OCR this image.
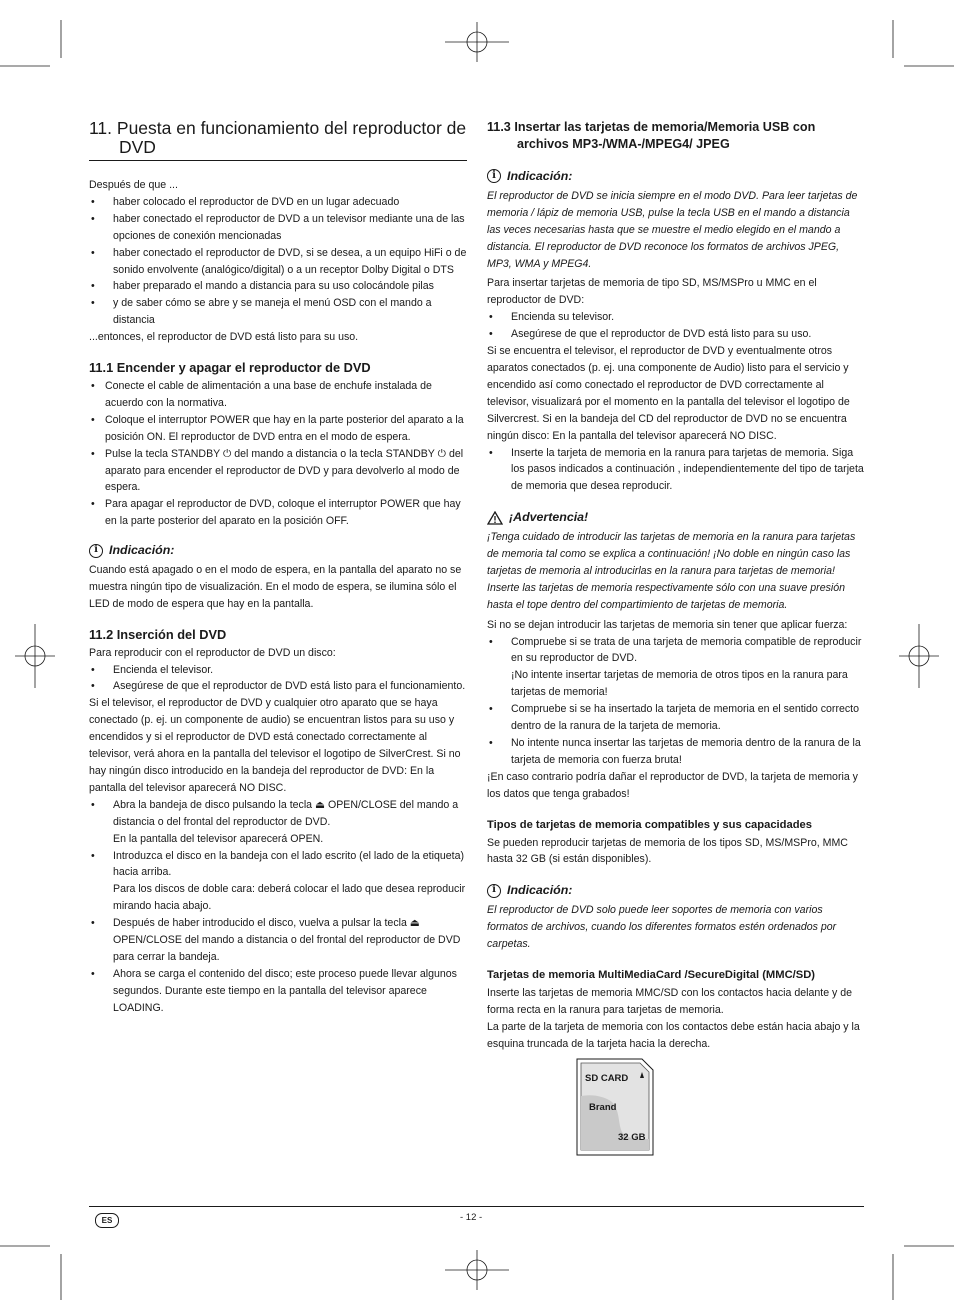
11. Puesta en funcionamiento del reproductor de DVD

Después de que ...

• haber colocado el reproductor de DVD en un lugar adecuado
• haber conectado el reproductor de DVD a un televisor mediante una de las opciones de conexión mencionadas
• haber conectado el reproductor de DVD, si se desea, a un equipo HiFi o de sonido envolvente (analógico/digital) o a un receptor Dolby Digital o DTS
• haber preparado el mando a distancia para su uso colocándole pilas
• y de saber cómo se abre y se maneja el menú OSD con el mando a distancia

...entonces, el reproductor de DVD está listo para su uso.

11.1 Encender y apagar el reproductor de DVD
• Conecte el cable de alimentación a una base de enchufe instalada de acuerdo con la normativa.
• Coloque el interruptor POWER que hay en la parte posterior del aparato a la posición ON. El reproductor de DVD entra en el modo de espera.
• Pulse la tecla STANDBY ⏻ del mando a distancia o la tecla STANDBY ⏻ del aparato para encender el reproductor de DVD y para devolverlo al modo de espera.
• Para apagar el reproductor de DVD, coloque el interruptor POWER que hay en la parte posterior del aparato en la posición OFF.
i Indicación:

Cuando está apagado o en el modo de espera, en la pantalla del aparato no se muestra ningún tipo de visualización. En el modo de espera, se ilumina sólo el LED de modo de espera que hay en la pantalla.

11.2 Inserción del DVD

Para reproducir con el reproductor de DVD un disco:

• Encienda el televisor.
• Asegúrese de que el reproductor de DVD está listo para el funcionamiento.

Si el televisor, el reproductor de DVD y cualquier otro aparato que se haya conectado (p. ej. un componente de audio) se encuentran listos para su uso y encendidos y si el reproductor de DVD está conectado correctamente al televisor, verá ahora en la pantalla del televisor el logotipo de SilverCrest. Si no hay ningún disco introducido en la bandeja del reproductor de DVD: En la pantalla del televisor aparecerá NO DISC.

• Abra la bandeja de disco pulsando la tecla ⏏ OPEN/CLOSE del mando a distancia o del frontal del reproductor de DVD.
En la pantalla del televisor aparecerá OPEN.
• Introduzca el disco en la bandeja con el lado escrito (el lado de la etiqueta) hacia arriba.
Para los discos de doble cara: deberá colocar el lado que desea reproducir mirando hacia abajo.
• Después de haber introducido el disco, vuelva a pulsar la tecla ⏏ OPEN/CLOSE del mando a distancia o del frontal del reproductor de DVD para cerrar la bandeja.
• Ahora se carga el contenido del disco; este proceso puede llevar algunos segundos. Durante este tiempo en la pantalla del televisor aparece LOADING.
11.3 Insertar las tarjetas de memoria/Memoria USB con archivos MP3-/WMA-/MPEG4/ JPEG
i Indicación:

El reproductor de DVD se inicia siempre en el modo DVD. Para leer tarjetas de memoria / lápiz de memoria USB, pulse la tecla USB en el mando a distancia las veces necesarias hasta que se muestre el medio elegido en el mando a distancia. El reproductor de DVD reconoce los formatos de archivos JPEG, MP3, WMA y MPEG4.

Para insertar tarjetas de memoria de tipo SD, MS/MSPro u MMC en el reproductor de DVD:

• Encienda su televisor.
• Asegúrese de que el reproductor de DVD está listo para su uso.

Si se encuentra el televisor, el reproductor de DVD y eventualmente otros aparatos conectados (p. ej. una componente de Audio) listo para el servicio y encendido así como conectado el reproductor de DVD correctamente al televisor, visualizará por el momento en la pantalla del televisor el logotipo de Silvercrest. Si en la bandeja del CD del reproductor de DVD no se encuentra ningún disco: En la pantalla del televisor aparecerá NO DISC.

• Inserte la tarjeta de memoria en la ranura para tarjetas de memoria. Siga los pasos indicados a continuación , independientemente del tipo de tarjeta de memoria que desea reproducir.
¡Advertencia!

¡Tenga cuidado de introducir las tarjetas de memoria en la ranura para tarjetas de memoria tal como se explica a continuación! ¡No doble en ningún caso las tarjetas de memoria al introducirlas en la ranura para tarjetas de memoria! Inserte las tarjetas de memoria respectivamente sólo con una suave presión hasta el tope dentro del compartimiento de tarjetas de memoria.

Si no se dejan introducir las tarjetas de memoria sin tener que aplicar fuerza:

• Compruebe si se trata de una tarjeta de memoria compatible de reproducir en su reproductor de DVD.
¡No intente insertar tarjetas de memoria de otros tipos en la ranura para tarjetas de memoria!
• Compruebe si se ha insertado la tarjeta de memoria en el sentido correcto dentro de la ranura de la tarjeta de memoria.
• No intente nunca insertar las tarjetas de memoria dentro de la ranura de la tarjeta de memoria con fuerza bruta!

¡En caso contrario podría dañar el reproductor de DVD, la tarjeta de memoria y los datos que tenga grabados!

Tipos de tarjetas de memoria compatibles y sus capacidades

Se pueden reproducir tarjetas de memoria de los tipos SD, MS/MSPro, MMC hasta 32 GB (si están disponibles).

i Indicación:

El reproductor de DVD solo puede leer soportes de memoria con varios formatos de archivos, cuando los diferentes formatos estén ordenados por carpetas.

Tarjetas de memoria MultiMediaCard /SecureDigital (MMC/SD)

Inserte las tarjetas de memoria MMC/SD con los contactos hacia delante y de forma recta en la ranura para tarjetas de memoria.

La parte de la tarjeta de memoria con los contactos debe están hacia abajo y la esquina truncada de la tarjeta hacia la derecha.

SD CARD
Brand
32 GB
ES	- 12 -
